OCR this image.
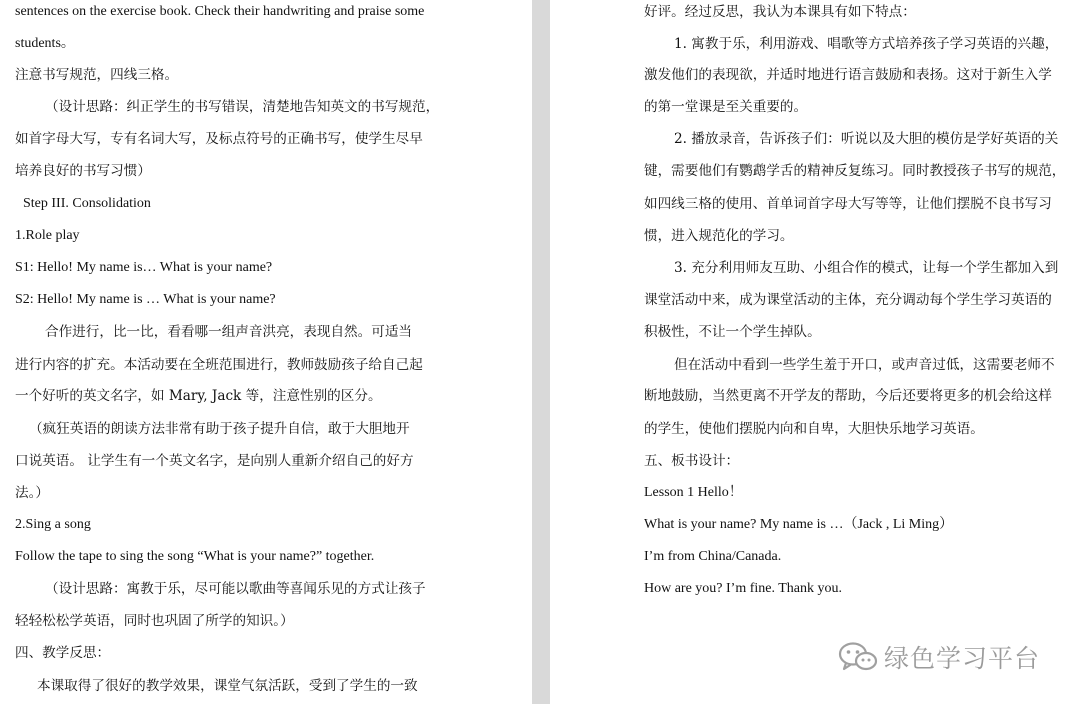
sentences on the exercise book. Check their handwriting and praise some
students。
注意书写规范，四线三格。
（设计思路：纠正学生的书写错误，清楚地告知英文的书写规范，
如首字母大写，专有名词大写，及标点符号的正确书写，使学生尽早
培养良好的书写习惯）
Step III. Consolidation
1.Role play
S1: Hello! My name is… What is your name?
S2: Hello! My name is … What is your name?
合作进行，比一比，看看哪一组声音洪亮，表现自然。可适当
进行内容的扩充。本活动要在全班范围进行，教师鼓励孩子给自己起
一个好听的英文名字，如 Mary, Jack 等，注意性别的区分。
（疯狂英语的朗读方法非常有助于孩子提升自信，敢于大胆地开
口说英语。 让学生有一个英文名字，是向别人重新介绍自己的好方
法。）
2.Sing a song
Follow the tape to sing the song “What is your name?” together.
（设计思路：寓教于乐，尽可能以歌曲等喜闻乐见的方式让孩子
轻轻松松学英语，同时也巩固了所学的知识。）
四、教学反思：
本课取得了很好的教学效果，课堂气氛活跃，受到了学生的一致
好评。经过反思，我认为本课具有如下特点：
1. 寓教于乐，利用游戏、唱歌等方式培养孩子学习英语的兴趣，
激发他们的表现欲，并适时地进行语言鼓励和表扬。这对于新生入学
的第一堂课是至关重要的。
2. 播放录音，告诉孩子们：听说以及大胆的模仿是学好英语的关
键，需要他们有鹦鹉学舌的精神反复练习。同时教授孩子书写的规范，
如四线三格的使用、首单词首字母大写等等，让他们摆脱不良书写习
惯，进入规范化的学习。
3. 充分利用师友互助、小组合作的模式，让每一个学生都加入到
课堂活动中来，成为课堂活动的主体，充分调动每个学生学习英语的
积极性，不让一个学生掉队。
但在活动中看到一些学生羞于开口，或声音过低，这需要老师不
断地鼓励，当然更离不开学友的帮助，今后还要将更多的机会给这样
的学生，使他们摆脱内向和自卑，大胆快乐地学习英语。
五、板书设计：
Lesson 1 Hello！
What is your name? My name is …（Jack , Li Ming）
I’m from China/Canada.
How are you? I’m fine. Thank you.
绿色学习平台
